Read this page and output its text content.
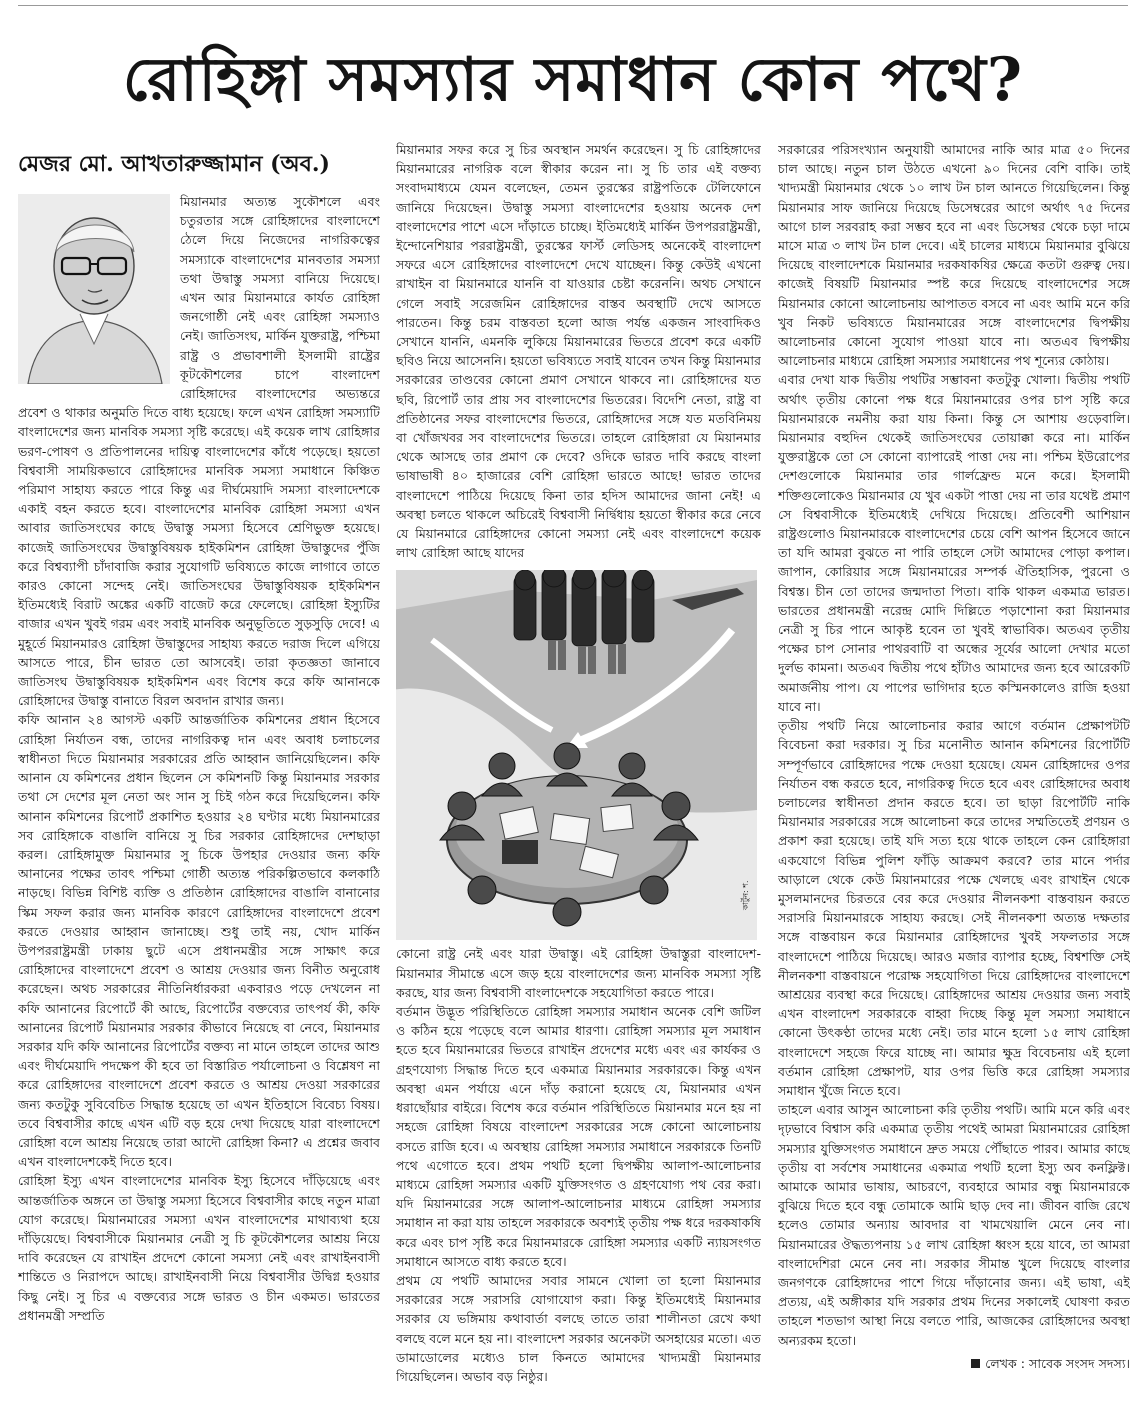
রোহিঙ্গা সমস্যার সমাধান কোন পথে?

মেজর মো. আখতারুজ্জামান (অব.)

মিয়ানমার অত্যন্ত সুকৌশলে এবং চতুরতার সঙ্গে রোহিঙ্গাদের বাংলাদেশে ঠেলে দিয়ে নিজেদের নাগরিকত্বের সমস্যাকে বাংলাদেশের মানবতার সমস্যা তথা উদ্বাস্তু সমস্যা বানিয়ে দিয়েছে। এখন আর মিয়ানমারে কার্যত রোহিঙ্গা জনগোষ্ঠী নেই এবং রোহিঙ্গা সমস্যাও নেই। জাতিসংঘ, মার্কিন যুক্তরাষ্ট্র, পশ্চিমা রাষ্ট্র ও প্রভাবশালী ইসলামী রাষ্ট্রের কূটকৌশলের চাপে বাংলাদেশ রোহিঙ্গাদের বাংলাদেশের অভ্যন্তরে প্রবেশ ও থাকার অনুমতি দিতে বাধ্য হয়েছে। ফলে এখন রোহিঙ্গা সমস্যাটি বাংলাদেশের জন্য মানবিক সমস্যা সৃষ্টি করেছে। এই কয়েক লাখ রোহিঙ্গার ভরণ-পোষণ ও প্রতিপালনের দায়িত্ব বাংলাদেশের কাঁধে পড়েছে। হয়তো বিশ্ববাসী সাময়িকভাবে রোহিঙ্গাদের মানবিক সমস্যা সমাধানে কিঞ্চিত পরিমাণ সাহায্য করতে পারে কিন্তু এর দীর্ঘমেয়াদি সমস্যা বাংলাদেশকে একাই বহন করতে হবে। বাংলাদেশের মানবিক রোহিঙ্গা সমস্যা এখন আবার জাতিসংঘের কাছে উদ্বাস্তু সমস্যা হিসেবে শ্রেণিভুক্ত হয়েছে। কাজেই জাতিসংঘের উদ্বাস্তুবিষয়ক হাইকমিশন রোহিঙ্গা উদ্বাস্তুদের পুঁজি করে বিশ্বব্যাপী চাঁদাবাজি করার সুযোগটি ভবিষ্যতে কাজে লাগাবে তাতে কারও কোনো সন্দেহ নেই। জাতিসংঘের উদ্বাস্তুবিষয়ক হাইকমিশন ইতিমধ্যেই বিরাট অঙ্কের একটি বাজেট করে ফেলেছে। রোহিঙ্গা ইস্যুটির বাজার এখন খুবই গরম এবং সবাই মানবিক অনুভূতিতে সুড়সুড়ি দেবে! এ মুহূর্তে মিয়ানমারও রোহিঙ্গা উদ্বাস্তুদের সাহায্য করতে দরাজ দিলে এগিয়ে আসতে পারে, চীন ভারত তো আসবেই। তারা কৃতজ্ঞতা জানাবে জাতিসংঘ উদ্বাস্তুবিষয়ক হাইকমিশন এবং বিশেষ করে কফি আনানকে রোহিঙ্গাদের উদ্বাস্তু বানাতে বিরল অবদান রাখার জন্য।

কফি আনান ২৪ আগস্ট একটি আন্তর্জাতিক কমিশনের প্রধান হিসেবে রোহিঙ্গা নির্যাতন বন্ধ, তাদের নাগরিকত্ব দান এবং অবাধ চলাচলের স্বাধীনতা দিতে মিয়ানমার সরকারের প্রতি আহ্বান জানিয়েছিলেন। কফি আনান যে কমিশনের প্রধান ছিলেন সে কমিশনটি কিন্তু মিয়ানমার সরকার তথা সে দেশের মূল নেতা অং সান সু চিই গঠন করে দিয়েছিলেন। কফি আনান কমিশনের রিপোর্ট প্রকাশিত হওয়ার ২৪ ঘণ্টার মধ্যে মিয়ানমারের সব রোহিঙ্গাকে বাঙালি বানিয়ে সু চির সরকার রোহিঙ্গাদের দেশছাড়া করল। রোহিঙ্গামুক্ত মিয়ানমার সু চিকে উপহার দেওয়ার জন্য কফি আনানের পক্ষের তাবৎ পশ্চিমা গোষ্ঠী অত্যন্ত পরিকল্পিতভাবে কলকাঠি নাড়ছে। বিভিন্ন বিশিষ্ট ব্যক্তি ও প্রতিষ্ঠান রোহিঙ্গাদের বাঙালি বানানোর স্কিম সফল করার জন্য মানবিক কারণে রোহিঙ্গাদের বাংলাদেশে প্রবেশ করতে দেওয়ার আহ্বান জানাচ্ছে। শুধু তাই নয়, খোদ মার্কিন উপপররাষ্ট্রমন্ত্রী ঢাকায় ছুটে এসে প্রধানমন্ত্রীর সঙ্গে সাক্ষাৎ করে রোহিঙ্গাদের বাংলাদেশে প্রবেশ ও আশ্রয় দেওয়ার জন্য বিনীত অনুরোধ করেছেন। অথচ সরকারের নীতিনির্ধারকরা একবারও পড়ে দেখলেন না কফি আনানের রিপোর্টে কী আছে, রিপোর্টের বক্তব্যের তাৎপর্য কী, কফি আনানের রিপোর্ট মিয়ানমার সরকার কীভাবে নিয়েছে বা নেবে, মিয়ানমার সরকার যদি কফি আনানের রিপোর্টের বক্তব্য না মানে তাহলে তাদের আশু এবং দীর্ঘমেয়াদি পদক্ষেপ কী হবে তা বিস্তারিত পর্যালোচনা ও বিশ্লেষণ না করে রোহিঙ্গাদের বাংলাদেশে প্রবেশ করতে ও আশ্রয় দেওয়া সরকারের জন্য কতটুকু সুবিবেচিত সিদ্ধান্ত হয়েছে তা এখন ইতিহাসে বিবেচ্য বিষয়। তবে বিশ্ববাসীর কাছে এখন এটি বড় হয়ে দেখা দিয়েছে যারা বাংলাদেশে রোহিঙ্গা বলে আশ্রয় নিয়েছে তারা আদৌ রোহিঙ্গা কিনা? এ প্রশ্নের জবাব এখন বাংলাদেশকেই দিতে হবে।

রোহিঙ্গা ইস্যু এখন বাংলাদেশের মানবিক ইস্যু হিসেবে দাঁড়িয়েছে এবং আন্তর্জাতিক অঙ্গনে তা উদ্বাস্তু সমস্যা হিসেবে বিশ্ববাসীর কাছে নতুন মাত্রা যোগ করেছে। মিয়ানমারের সমস্যা এখন বাংলাদেশের মাথাব্যথা হয়ে দাঁড়িয়েছে। বিশ্ববাসীকে মিয়ানমার নেত্রী সু চি কূটকৌশলের আশ্রয় নিয়ে দাবি করেছেন যে রাখাইন প্রদেশে কোনো সমস্যা নেই এবং রাখাইনবাসী শান্তিতে ও নিরাপদে আছে। রাখাইনবাসী নিয়ে বিশ্ববাসীর উদ্বিগ্ন হওয়ার কিছু নেই। সু চির এ বক্তব্যের সঙ্গে ভারত ও চীন একমত। ভারতের প্রধানমন্ত্রী সম্প্রতি

মিয়ানমার সফর করে সু চির অবস্থান সমর্থন করেছেন। সু চি রোহিঙ্গাদের মিয়ানমারের নাগরিক বলে স্বীকার করেন না। সু চি তার এই বক্তব্য সংবাদমাধ্যমে যেমন বলেছেন, তেমন তুরস্কের রাষ্ট্রপতিকে টেলিফোনে জানিয়ে দিয়েছেন। উদ্বাস্তু সমস্যা বাংলাদেশের হওয়ায় অনেক দেশ বাংলাদেশের পাশে এসে দাঁড়াতে চাচ্ছে। ইতিমধ্যেই মার্কিন উপপররাষ্ট্রমন্ত্রী, ইন্দোনেশিয়ার পররাষ্ট্রমন্ত্রী, তুরস্কের ফার্স্ট লেডিসহ অনেকেই বাংলাদেশ সফরে এসে রোহিঙ্গাদের বাংলাদেশে দেখে যাচ্ছেন। কিন্তু কেউই এখনো রাখাইন বা মিয়ানমারে যাননি বা যাওয়ার চেষ্টা করেননি। অথচ সেখানে গেলে সবাই সরেজমিন রোহিঙ্গাদের বাস্তব অবস্থাটি দেখে আসতে পারতেন। কিন্তু চরম বাস্তবতা হলো আজ পর্যন্ত একজন সাংবাদিকও সেখানে যাননি, এমনকি লুকিয়ে মিয়ানমারের ভিতরে প্রবেশ করে একটি ছবিও নিয়ে আসেননি। হয়তো ভবিষ্যতে সবাই যাবেন তখন কিন্তু মিয়ানমার সরকারের তাণ্ডবের কোনো প্রমাণ সেখানে থাকবে না। রোহিঙ্গাদের যত ছবি, রিপোর্ট তার প্রায় সব বাংলাদেশের ভিতরের। বিদেশি নেতা, রাষ্ট্র বা প্রতিষ্ঠানের সফর বাংলাদেশের ভিতরে, রোহিঙ্গাদের সঙ্গে যত মতবিনিময় বা খোঁজখবর সব বাংলাদেশের ভিতরে। তাহলে রোহিঙ্গারা যে মিয়ানমার থেকে আসছে তার প্রমাণ কে দেবে? ওদিকে ভারত দাবি করছে বাংলা ভাষাভাষী ৪০ হাজারের বেশি রোহিঙ্গা ভারতে আছে! ভারত তাদের বাংলাদেশে পাঠিয়ে দিয়েছে কিনা তার হদিস আমাদের জানা নেই! এ অবস্থা চলতে থাকলে অচিরেই বিশ্ববাসী নির্দ্বিধায় হয়তো স্বীকার করে নেবে যে মিয়ানমারে রোহিঙ্গাদের কোনো সমস্যা নেই এবং বাংলাদেশে কয়েক লাখ রোহিঙ্গা আছে যাদের

কার্টুন: শ.

কোনো রাষ্ট্র নেই এবং যারা উদ্বাস্তু। এই রোহিঙ্গা উদ্বাস্তুরা বাংলাদেশ-মিয়ানমার সীমান্তে এসে জড় হয়ে বাংলাদেশের জন্য মানবিক সমস্যা সৃষ্টি করছে, যার জন্য বিশ্ববাসী বাংলাদেশকে সহযোগিতা করতে পারে।

বর্তমান উদ্ভূত পরিস্থিতিতে রোহিঙ্গা সমস্যার সমাধান অনেক বেশি জটিল ও কঠিন হয়ে পড়েছে বলে আমার ধারণা। রোহিঙ্গা সমস্যার মূল সমাধান হতে হবে মিয়ানমারের ভিতরে রাখাইন প্রদেশের মধ্যে এবং এর কার্যকর ও গ্রহণযোগ্য সিদ্ধান্ত দিতে হবে একমাত্র মিয়ানমার সরকারকে। কিন্তু এখন অবস্থা এমন পর্যায়ে এনে দাঁড় করানো হয়েছে যে, মিয়ানমার এখন ধরাছোঁয়ার বাইরে। বিশেষ করে বর্তমান পরিস্থিতিতে মিয়ানমার মনে হয় না সহজে রোহিঙ্গা বিষয়ে বাংলাদেশ সরকারের সঙ্গে কোনো আলোচনায় বসতে রাজি হবে। এ অবস্থায় রোহিঙ্গা সমস্যার সমাধানে সরকারকে তিনটি পথে এগোতে হবে। প্রথম পথটি হলো দ্বিপক্ষীয় আলাপ-আলোচনার মাধ্যমে রোহিঙ্গা সমস্যার একটি যুক্তিসংগত ও গ্রহণযোগ্য পথ বের করা। যদি মিয়ানমারের সঙ্গে আলাপ-আলোচনার মাধ্যমে রোহিঙ্গা সমস্যার সমাধান না করা যায় তাহলে সরকারকে অবশ্যই তৃতীয় পক্ষ ধরে দরকষাকষি করে এবং চাপ সৃষ্টি করে মিয়ানমারকে রোহিঙ্গা সমস্যার একটি ন্যায়সংগত সমাধানে আসতে বাধ্য করতে হবে।

প্রথম যে পথটি আমাদের সবার সামনে খোলা তা হলো মিয়ানমার সরকারের সঙ্গে সরাসরি যোগাযোগ করা। কিন্তু ইতিমধ্যেই মিয়ানমার সরকার যে ভঙ্গিমায় কথাবার্তা বলছে তাতে তারা শালীনতা রেখে কথা বলছে বলে মনে হয় না। বাংলাদেশ সরকার অনেকটা অসহায়ের মতো। এত ডামাডোলের মধ্যেও চাল কিনতে আমাদের খাদ্যমন্ত্রী মিয়ানমার গিয়েছিলেন। অভাব বড় নিষ্ঠুর।

সরকারের পরিসংখ্যান অনুযায়ী আমাদের নাকি আর মাত্র ৫০ দিনের চাল আছে। নতুন চাল উঠতে এখনো ৯০ দিনের বেশি বাকি। তাই খাদ্যমন্ত্রী মিয়ানমার থেকে ১০ লাখ টন চাল আনতে গিয়েছিলেন। কিন্তু মিয়ানমার সাফ জানিয়ে দিয়েছে ডিসেম্বরের আগে অর্থাৎ ৭৫ দিনের আগে চাল সরবরাহ করা সম্ভব হবে না এবং ডিসেম্বর থেকে চড়া দামে মাসে মাত্র ৩ লাখ টন চাল দেবে। এই চালের মাধ্যমে মিয়ানমার বুঝিয়ে দিয়েছে বাংলাদেশকে মিয়ানমার দরকষাকষির ক্ষেত্রে কতটা গুরুত্ব দেয়। কাজেই বিষয়টি মিয়ানমার স্পষ্ট করে দিয়েছে বাংলাদেশের সঙ্গে মিয়ানমার কোনো আলোচনায় আপাতত বসবে না এবং আমি মনে করি খুব নিকট ভবিষ্যতে মিয়ানমারের সঙ্গে বাংলাদেশের দ্বিপক্ষীয় আলোচনার কোনো সুযোগ পাওয়া যাবে না। অতএব দ্বিপক্ষীয় আলোচনার মাধ্যমে রোহিঙ্গা সমস্যার সমাধানের পথ শূন্যের কোঠায়।

এবার দেখা যাক দ্বিতীয় পথটির সম্ভাবনা কতটুকু খোলা। দ্বিতীয় পথটি অর্থাৎ তৃতীয় কোনো পক্ষ ধরে মিয়ানমারের ওপর চাপ সৃষ্টি করে মিয়ানমারকে নমনীয় করা যায় কিনা। কিন্তু সে আশায় গুড়েবালি। মিয়ানমার বহুদিন থেকেই জাতিসংঘের তোয়াক্কা করে না। মার্কিন যুক্তরাষ্ট্রকে তো সে কোনো ব্যাপারেই পাত্তা দেয় না। পশ্চিম ইউরোপের দেশগুলোকে মিয়ানমার তার গার্লফ্রেন্ড মনে করে। ইসলামী শক্তিগুলোকেও মিয়ানমার যে খুব একটা পাত্তা দেয় না তার যথেষ্ট প্রমাণ সে বিশ্ববাসীকে ইতিমধ্যেই দেখিয়ে দিয়েছে। প্রতিবেশী আশিয়ান রাষ্ট্রগুলোও মিয়ানমারকে বাংলাদেশের চেয়ে বেশি আপন হিসেবে জানে তা যদি আমরা বুঝতে না পারি তাহলে সেটা আমাদের পোড়া কপাল। জাপান, কোরিয়ার সঙ্গে মিয়ানমারের সম্পর্ক ঐতিহাসিক, পুরনো ও বিশ্বস্ত। চীন তো তাদের জন্মদাতা পিতা। বাকি থাকল একমাত্র ভারত। ভারতের প্রধানমন্ত্রী নরেন্দ্র মোদি দিল্লিতে পড়াশোনা করা মিয়ানমার নেত্রী সু চির পানে আকৃষ্ট হবেন তা খুবই স্বাভাবিক। অতএব তৃতীয় পক্ষের চাপ সোনার পাথরবাটি বা অন্ধের সূর্যের আলো দেখার মতো দুর্লভ কামনা। অতএব দ্বিতীয় পথে হাঁটাও আমাদের জন্য হবে আরেকটি অমার্জনীয় পাপ। যে পাপের ভাগিদার হতে কস্মিনকালেও রাজি হওয়া যাবে না।

তৃতীয় পথটি নিয়ে আলোচনার করার আগে বর্তমান প্রেক্ষাপটটি বিবেচনা করা দরকার। সু চির মনোনীত আনান কমিশনের রিপোর্টটি সম্পূর্ণভাবে রোহিঙ্গাদের পক্ষে দেওয়া হয়েছে। যেমন রোহিঙ্গাদের ওপর নির্যাতন বন্ধ করতে হবে, নাগরিকত্ব দিতে হবে এবং রোহিঙ্গাদের অবাধ চলাচলের স্বাধীনতা প্রদান করতে হবে। তা ছাড়া রিপোর্টটি নাকি মিয়ানমার সরকারের সঙ্গে আলোচনা করে তাদের সম্মতিতেই প্রণয়ন ও প্রকাশ করা হয়েছে। তাই যদি সত্য হয়ে থাকে তাহলে কেন রোহিঙ্গারা একযোগে বিভিন্ন পুলিশ ফাঁড়ি আক্রমণ করবে? তার মানে পর্দার আড়ালে থেকে কেউ মিয়ানমারের পক্ষে খেলছে এবং রাখাইন থেকে মুসলমানদের চিরতরে বের করে দেওয়ার নীলনকশা বাস্তবায়ন করতে সরাসরি মিয়ানমারকে সাহায্য করছে। সেই নীলনকশা অত্যন্ত দক্ষতার সঙ্গে বাস্তবায়ন করে মিয়ানমার রোহিঙ্গাদের খুবই সফলতার সঙ্গে বাংলাদেশে পাঠিয়ে দিয়েছে। আরও মজার ব্যাপার হচ্ছে, বিশ্বশক্তি সেই নীলনকশা বাস্তবায়নে পরোক্ষ সহযোগিতা দিয়ে রোহিঙ্গাদের বাংলাদেশে আশ্রয়ের ব্যবস্থা করে দিয়েছে। রোহিঙ্গাদের আশ্রয় দেওয়ার জন্য সবাই এখন বাংলাদেশ সরকারকে বাহ্বা দিচ্ছে কিন্তু মূল সমস্যা সমাধানে কোনো উৎকণ্ঠা তাদের মধ্যে নেই। তার মানে হলো ১৫ লাখ রোহিঙ্গা বাংলাদেশে সহজে ফিরে যাচ্ছে না। আমার ক্ষুদ্র বিবেচনায় এই হলো বর্তমান রোহিঙ্গা প্রেক্ষাপট, যার ওপর ভিত্তি করে রোহিঙ্গা সমস্যার সমাধান খুঁজে নিতে হবে।

তাহলে এবার আসুন আলোচনা করি তৃতীয় পথটি। আমি মনে করি এবং দৃঢ়ভাবে বিশ্বাস করি একমাত্র তৃতীয় পথেই আমরা মিয়ানমারের রোহিঙ্গা সমস্যার যুক্তিসংগত সমাধানে দ্রুত সময়ে পৌঁছাতে পারব। আমার কাছে তৃতীয় বা সর্বশেষ সমাধানের একমাত্র পথটি হলো ইস্যু অব কনফ্লিক্ট। আমাকে আমার ভাষায়, আচরণে, ব্যবহারে আমার বন্ধু মিয়ানমারকে বুঝিয়ে দিতে হবে বন্ধু তোমাকে আমি ছাড় দেব না। জীবন বাজি রেখে হলেও তোমার অন্যায় আবদার বা খামখেয়ালি মেনে নেব না। মিয়ানমারের ঔদ্ধত্যপনায় ১৫ লাখ রোহিঙ্গা ধ্বংস হয়ে যাবে, তা আমরা বাংলাদেশিরা মেনে নেব না। সরকার সীমান্ত খুলে দিয়েছে বাংলার জনগণকে রোহিঙ্গাদের পাশে গিয়ে দাঁড়ানোর জন্য। এই ভাষা, এই প্রত্যয়, এই অঙ্গীকার যদি সরকার প্রথম দিনের সকালেই ঘোষণা করত তাহলে শতভাগ আস্থা নিয়ে বলতে পারি, আজকের রোহিঙ্গাদের অবস্থা অন্যরকম হতো।

লেখক : সাবেক সংসদ সদস্য।
